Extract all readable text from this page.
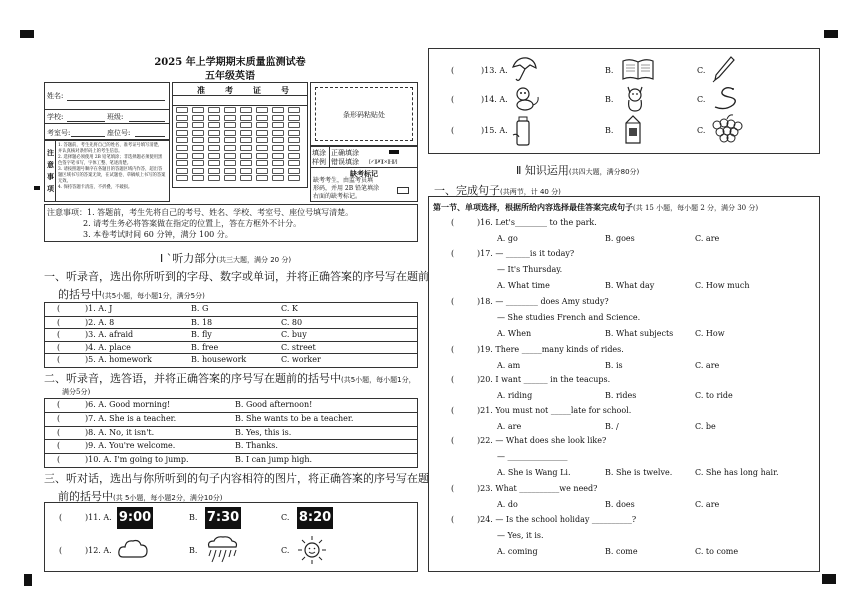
2025 年上学期期末质量监测试卷
五年级英语
姓名:
学校:	班级:
考室号:	座位号:
准	考	证	号
条形码粘贴处
注
意
事
项
1. 答题前，考生先将自己的姓名、准考证号填写清楚，并认真核对条形码上的考生信息。
2. 选择题必须使用 2B 铅笔填涂；非选择题必须使用黑色签字笔书写，字体工整、笔迹清楚。
3. 请按照题号顺序在各题目的答题区域内作答，超出答题区域书写的答案无效，在试题卷、草稿纸上书写的答案无效。
4. 保持答题卡清洁，不折叠，不破损。
填涂
样例
正确填涂
错误填涂 [✓][✗][×][-][/]
缺考标记
缺考考生，由监考员填
形码，并用 2B 铅笔填涂
右面的缺考标记。
注意事项：1. 答题前，考生先将自己的考号、姓名、学校、考室号、座位号填写清楚。
2. 请考生务必将答案做在指定的位置上，答在方框外不计分。
3. 本卷考试时间 60 分钟，满分 100 分。
Ⅰ ˋ听力部分(共三大题，满分 20 分)
一、听录音，选出你所听到的字母、数字或单词，并将正确答案的序号写在题前
的括号中(共5小题，每小题1分，满分5分)
(	)1. A. J	B. G	C. K
(	)2. A. 8	B. 18	C. 80
(	)3. A. afraid	B. fly	C. buy
(	)4. A. place	B. free	C. street
(	)5. A. homework	B. housework	C. worker
二、听录音，选答语，并将正确答案的序号写在题前的括号中(共5小题，每小题1分，
满分5分)
(	)6. A. Good morning!	B. Good afternoon!
(	)7. A. She is a teacher.	B. She wants to be a teacher.
(	)8. A. No, it isn't.	B. Yes, this is.
(	)9. A. You're welcome.	B. Thanks.
(	)10. A. I'm going to jump.	B. I can jump high.
三、听对话，选出与你所听到的句子内容相符的图片，将正确答案的序号写在题
前的括号中(共 5小题，每小题2分，满分10分)
(	)11. A. 9:00	B. 7:30	C. 8:20
(	)12. A.	B.	C.
(	)13. A.	B.	C.
(	)14. A.	B.	C.
(	)15. A.	B.	C.
Ⅱ 知识运用(共四大题，满分80分)
一、完成句子(共两节，计 40 分)
第一节、单项选择，根据所给内容选择最佳答案完成句子(共 15 小题，每小题 2 分，满分 30 分)
(	)16. Let's________ to the park.
A. go	B. goes	C. are
(	)17. — ______is it today?
— It's Thursday.
A. What time	B. What day	C. How much
(	)18. — ________ does Amy study?
— She studies French and Science.
A. When	B. What subjects	C. How
(	)19. There _____many kinds of rides.
A. am	B. is	C. are
(	)20. I want ______ in the teacups.
A. riding	B. rides	C. to ride
(	)21. You must not _____late for school.
A. are	B. /	C. be
(	)22. — What does she look like?
— _______________
A. She is Wang Li.	B. She is twelve.	C. She has long hair.
(	)23. What __________we need?
A. do	B. does	C. are
(	)24. — Is the school holiday __________?
— Yes, it is.
A. coming	B. come	C. to come
